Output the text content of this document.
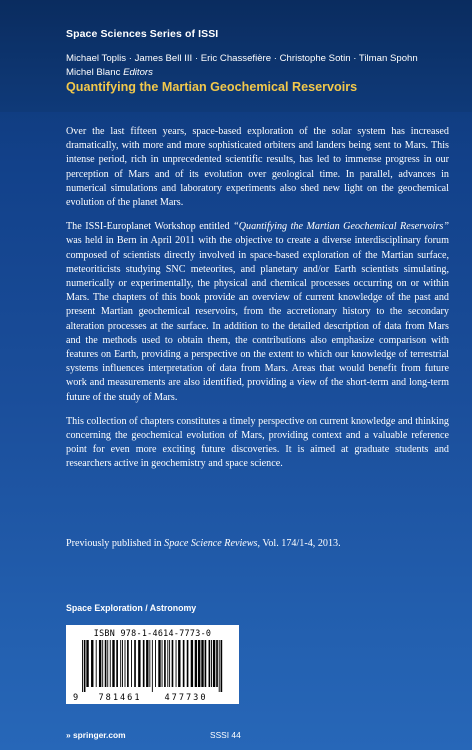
Space Sciences Series of ISSI
Michael Toplis · James Bell III · Eric Chassefière · Christophe Sotin · Tilman Spohn
Michel Blanc Editors
Quantifying the Martian Geochemical Reservoirs

Over the last fifteen years, space-based exploration of the solar system has increased dramatically, with more and more sophisticated orbiters and landers being sent to Mars. This intense period, rich in unprecedented scientific results, has led to immense progress in our perception of Mars and of its evolution over geological time. In parallel, advances in numerical simulations and laboratory experiments also shed new light on the geochemical evolution of the planet Mars.

The ISSI-Europlanet Workshop entitled “Quantifying the Martian Geochemical Reservoirs” was held in Bern in April 2011 with the objective to create a diverse interdisciplinary forum composed of scientists directly involved in space-based exploration of the Martian surface, meteoriticists studying SNC meteorites, and planetary and/or Earth scientists simulating, numerically or experimentally, the physical and chemical processes occurring on or within Mars. The chapters of this book provide an overview of current knowledge of the past and present Martian geochemical reservoirs, from the accretionary history to the secondary alteration processes at the surface. In addition to the detailed description of data from Mars and the methods used to obtain them, the contributions also emphasize comparison with features on Earth, providing a perspective on the extent to which our knowledge of terrestrial systems influences interpretation of data from Mars. Areas that would benefit from future work and measurements are also identified, providing a view of the short-term and long-term future of the study of Mars.

This collection of chapters constitutes a timely perspective on current knowledge and thinking concerning the geochemical evolution of Mars, providing context and a valuable reference point for even more exciting future discoveries. It is aimed at graduate students and researchers active in geochemistry and space science.

Previously published in Space Science Reviews, Vol. 174/1-4, 2013.
Space Exploration / Astronomy
ISBN 978-1-4614-7773-0
9 781461	477730
» springer.com	SSSI 44
